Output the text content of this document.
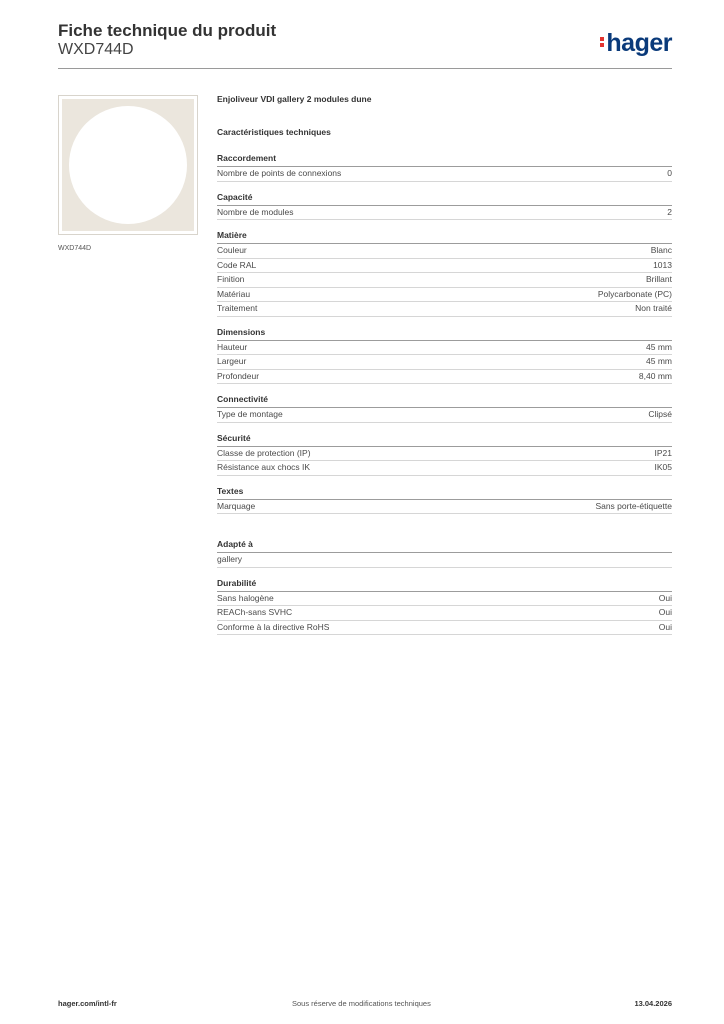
Fiche technique du produit
WXD744D	hager
WXD744D
Enjoliveur VDI gallery 2 modules dune
Caractéristiques techniques
Raccordement
Nombre de points de connexions	0
Capacité
Nombre de modules	2
Matière
Couleur	Blanc
Code RAL	1013
Finition	Brillant
Matériau	Polycarbonate (PC)
Traitement	Non traité
Dimensions
Hauteur	45 mm
Largeur	45 mm
Profondeur	8,40 mm
Connectivité
Type de montage	Clipsé
Sécurité
Classe de protection (IP)	IP21
Résistance aux chocs IK	IK05
Textes
Marquage	Sans porte-étiquette
Adapté à
gallery
Durabilité
Sans halogène	Oui
REACh-sans SVHC	Oui
Conforme à la directive RoHS	Oui
hager.com/intl-fr	Sous réserve de modifications techniques	13.04.2026
